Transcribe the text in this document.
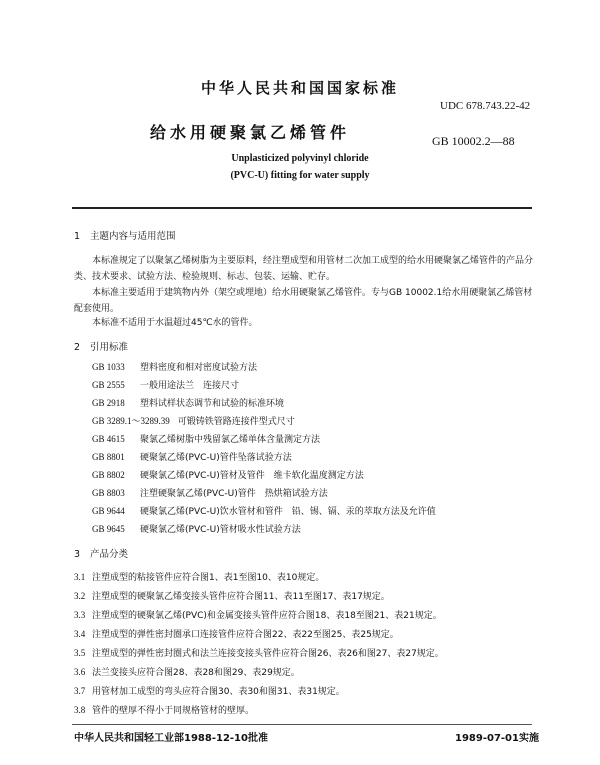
中华人民共和国国家标准
UDC 678.743.22-42
给水用硬聚氯乙烯管件	GB 10002.2—88
Unplasticized polyvinyl chloride
(PVC-U) fitting for water supply
1 主题内容与适用范围
本标准规定了以聚氯乙烯树脂为主要原料，经注塑成型和用管材二次加工成型的给水用硬聚氯乙烯管件的产品分类、技术要求、试验方法、检验规则、标志、包装、运输、贮存。
本标准主要适用于建筑物内外（架空或埋地）给水用硬聚氯乙烯管件。专与GB 10002.1给水用硬聚氯乙烯管材配套使用。
本标准不适用于水温超过45℃水的管件。
2 引用标准
GB 1033 塑料密度和相对密度试验方法
GB 2555 一般用途法兰　连接尺寸
GB 2918 塑料试样状态调节和试验的标准环境
GB 3289.1～3289.39 可锻铸铁管路连接件型式尺寸
GB 4615 聚氯乙烯树脂中残留氯乙烯单体含量测定方法
GB 8801 硬聚氯乙烯(PVC-U)管件坠落试验方法
GB 8802 硬聚氯乙烯(PVC-U)管材及管件　维卡软化温度测定方法
GB 8803 注塑硬聚氯乙烯(PVC-U)管件　热烘箱试验方法
GB 9644 硬聚氯乙烯(PVC-U)饮水管材和管件　铅、锡、镉、汞的萃取方法及允许值
GB 9645 硬聚氯乙烯(PVC-U)管材吸水性试验方法
3 产品分类
3.1 注塑成型的粘接管件应符合图1、表1至图10、表10规定。
3.2 注塑成型的硬聚氯乙烯变接头管件应符合图11、表11至图17、表17规定。
3.3 注塑成型的硬聚氯乙烯(PVC)和金属变接头管件应符合图18、表18至图21、表21规定。
3.4 注塑成型的弹性密封圈承口连接管件应符合图22、表22至图25、表25规定。
3.5 注塑成型的弹性密封圈式和法兰连接变接头管件应符合图26、表26和图27、表27规定。
3.6 法兰变接头应符合图28、表28和图29、表29规定。
3.7 用管材加工成型的弯头应符合图30、表30和图31、表31规定。
3.8 管件的壁厚不得小于同规格管材的壁厚。
中华人民共和国轻工业部1988-12-10批准	1989-07-01实施
